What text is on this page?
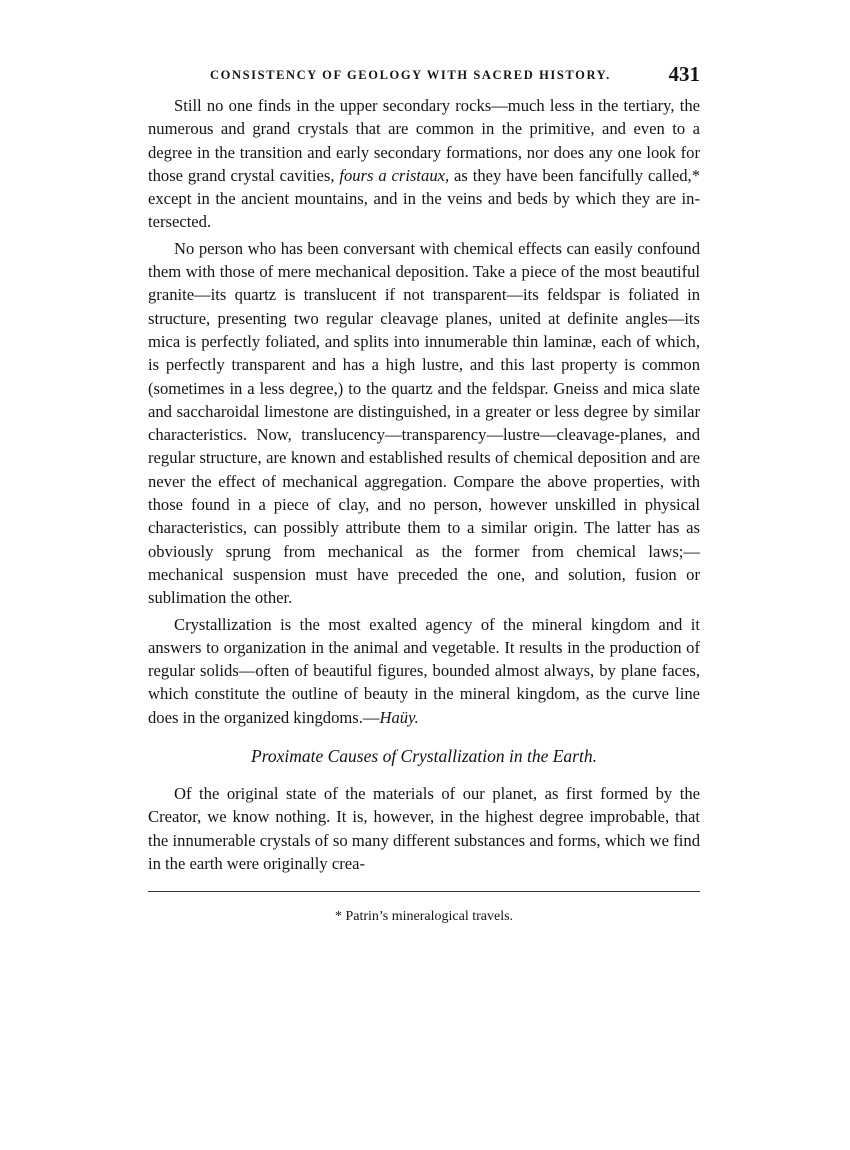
CONSISTENCY OF GEOLOGY WITH SACRED HISTORY.	431

Still no one finds in the upper secondary rocks—much less in the tertiary, the numerous and grand crystals that are common in the primitive, and even to a degree in the transition and early secondary formations, nor does any one look for those grand crystal cavities, fours a cristaux, as they have been fancifully called,* except in the ancient mountains, and in the veins and beds by which they are intersected.

No person who has been conversant with chemical effects can easily confound them with those of mere mechanical deposition. Take a piece of the most beautiful granite—its quartz is translucent if not transparent—its feldspar is foliated in structure, presenting two regular cleavage planes, united at definite angles—its mica is perfectly foliated, and splits into innumerable thin laminæ, each of which, is perfectly transparent and has a high lustre, and this last property is common (sometimes in a less degree,) to the quartz and the feldspar. Gneiss and mica slate and saccharoidal limestone are distinguished, in a greater or less degree by similar characteristics. Now, translucency—transparency—lustre—cleavage-planes, and regular structure, are known and established results of chemical deposition and are never the effect of mechanical aggregation. Compare the above properties, with those found in a piece of clay, and no person, however unskilled in physical characteristics, can possibly attribute them to a similar origin. The latter has as obviously sprung from mechanical as the former from chemical laws;—mechanical suspension must have preceded the one, and solution, fusion or sublimation the other.

Crystallization is the most exalted agency of the mineral kingdom and it answers to organization in the animal and vegetable. It results in the production of regular solids—often of beautiful figures, bounded almost always, by plane faces, which constitute the outline of beauty in the mineral kingdom, as the curve line does in the organized kingdoms.—Haüy.

Proximate Causes of Crystallization in the Earth.

Of the original state of the materials of our planet, as first formed by the Creator, we know nothing. It is, however, in the highest degree improbable, that the innumerable crystals of so many different substances and forms, which we find in the earth were originally crea-

* Patrin’s mineralogical travels.
